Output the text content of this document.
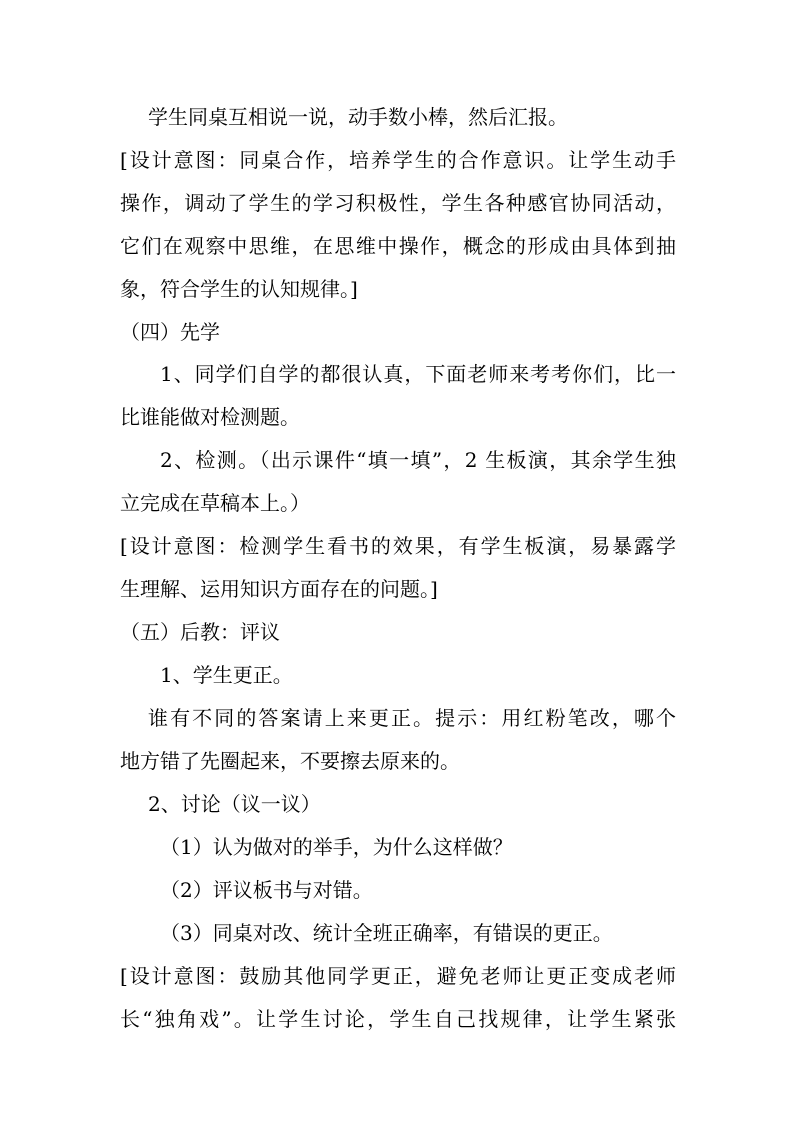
学生同桌互相说一说，动手数小棒，然后汇报。
[设计意图：同桌合作，培养学生的合作意识。让学生动手
操作，调动了学生的学习积极性，学生各种感官协同活动，
它们在观察中思维，在思维中操作，概念的形成由具体到抽
象，符合学生的认知规律。]
（四）先学
1、同学们自学的都很认真，下面老师来考考你们，比一
比谁能做对检测题。
2、检测。（出示课件“填一填”，2 生板演，其余学生独
立完成在草稿本上。）
[设计意图：检测学生看书的效果，有学生板演，易暴露学
生理解、运用知识方面存在的问题。]
（五）后教：评议
1、学生更正。
谁有不同的答案请上来更正。提示：用红粉笔改，哪个
地方错了先圈起来，不要擦去原来的。
2、讨论（议一议）
（1）认为做对的举手，为什么这样做？
（2）评议板书与对错。
（3）同桌对改、统计全班正确率，有错误的更正。
[设计意图：鼓励其他同学更正，避免老师让更正变成老师
长“独角戏”。让学生讨论，学生自己找规律，让学生紧张
